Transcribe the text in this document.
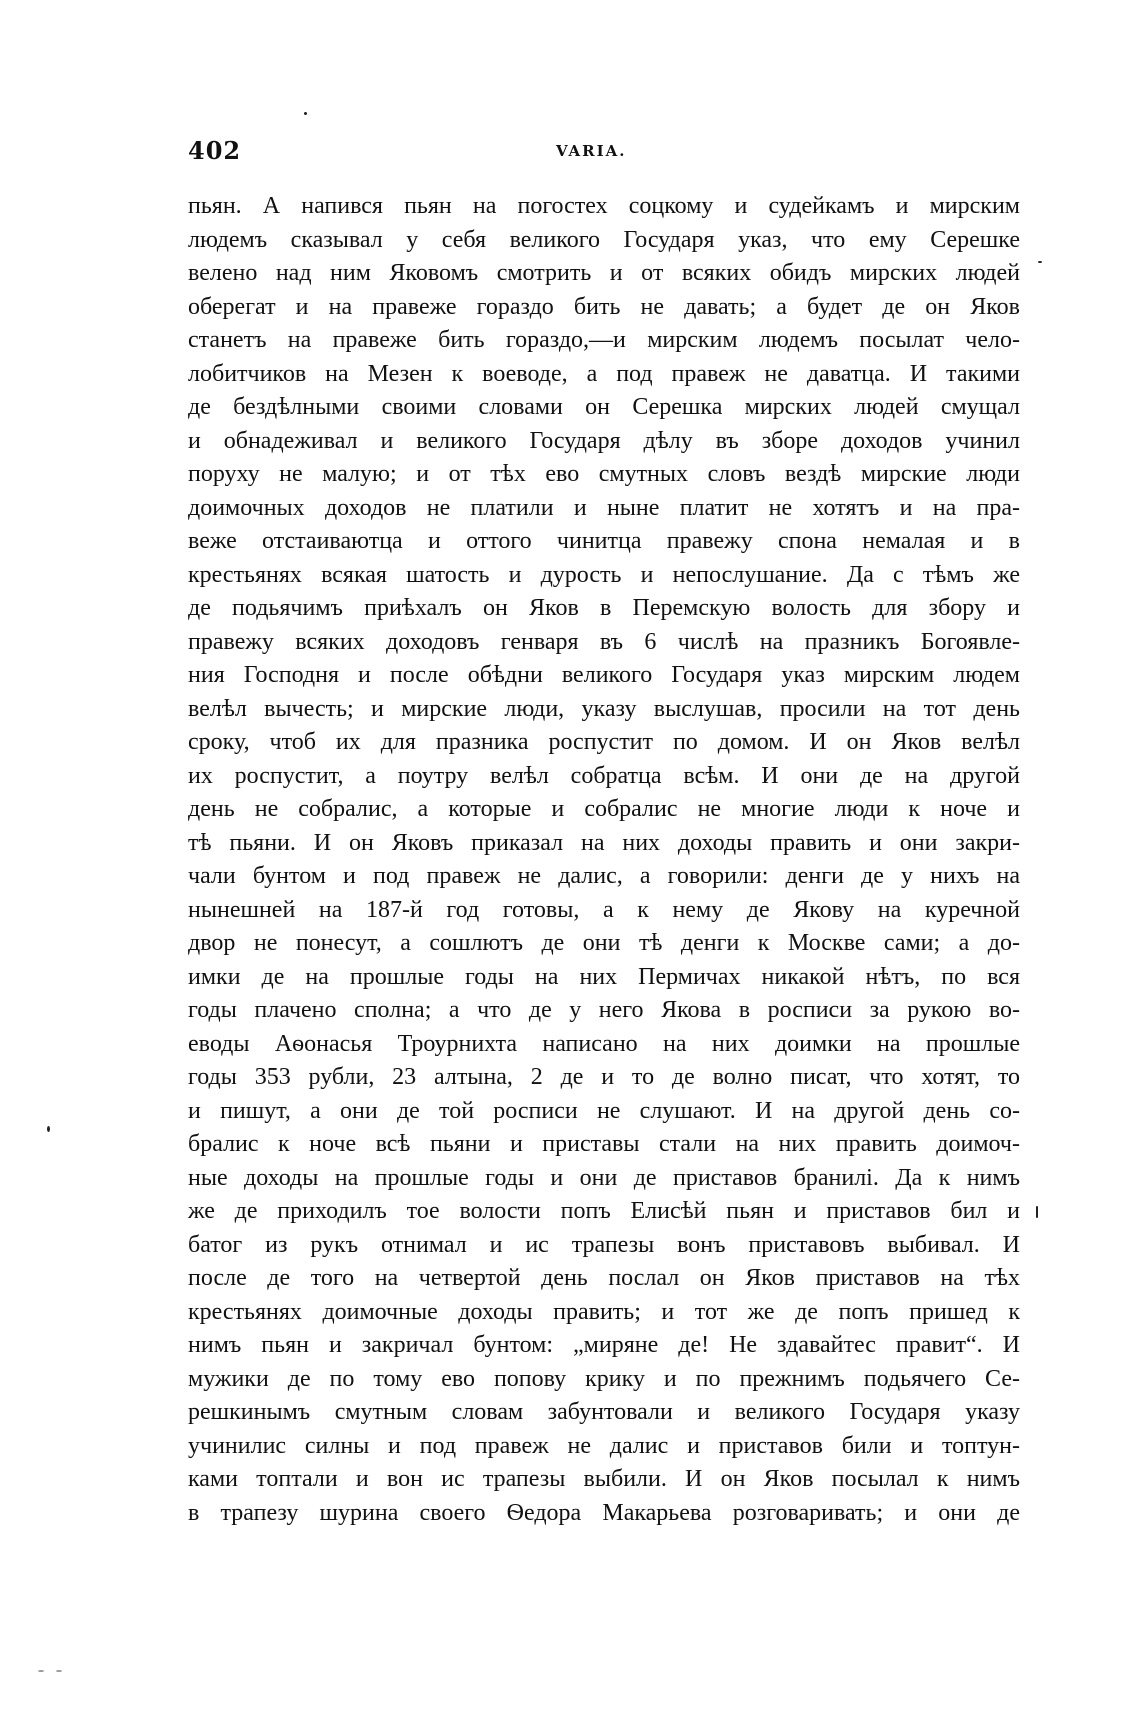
402	VARIA.
пьян. А напився пьян на погостех соцкому и судейкамъ и мирским
людемъ сказывал у себя великого Государя указ, что ему Серешке
велено над ним Яковомъ смотрить и от всяких обидъ мирских людей
оберегат и на правеже гораздо бить не давать; а будет де он Яков
станетъ на правеже бить гораздо,—и мирским людемъ посылат чело-
лобитчиков на Мезен к воеводе, а под правеж не даватца. И такими
де бездѣлными своими словами он Серешка мирских людей смущал
и обнадеживал и великого Государя дѣлу въ зборе доходов учинил
поруху не малую; и от тѣх ево смутных словъ вездѣ мирские люди
доимочных доходов не платили и ныне платит не хотятъ и на пра-
веже отстаиваютца и оттого чинитца правежу спона немалая и в
крестьянях всякая шатость и дурость и непослушание. Да с тѣмъ же
де подьячимъ приѣхалъ он Яков в Перемскую волость для збору и
правежу всяких доходовъ генваря въ 6 числѣ на празникъ Богоявле-
ния Господня и после обѣдни великого Государя указ мирским людем
велѣл вычесть; и мирские люди, указу выслушав, просили на тот день
сроку, чтоб их для празника роспустит по домом. И он Яков велѣл
их роспустит, а поутру велѣл собратца всѣм. И они де на другой
день не собралис, а которые и собралис не многие люди к ноче и
тѣ пьяни. И он Яковъ приказал на них доходы править и они закри-
чали бунтом и под правеж не далис, а говорили: денги де у нихъ на
нынешней на 187-й год готовы, а к нему де Якову на куречной
двор не понесут, а сошлютъ де они тѣ денги к Москве сами; а до-
имки де на прошлые годы на них Пермичах никакой нѣтъ, по вся
годы плачено сполна; а что де у него Якова в росписи за рукою во-
еводы Аѳонасья Троурнихта написано на них доимки на прошлые
годы 353 рубли, 23 алтына, 2 де и то де волно писат, что хотят, то
и пишут, а они де той росписи не слушают. И на другой день со-
бралис к ноче всѣ пьяни и приставы стали на них править доимоч-
ные доходы на прошлые годы и они де приставов бранилі. Да к нимъ
же де приходилъ тое волости попъ Елисѣй пьян и приставов бил и
батог из рукъ отнимал и ис трапезы вонъ приставовъ выбивал. И
после де того на четвертой день послал он Яков приставов на тѣх
крестьянях доимочные доходы править; и тот же де попъ пришед к
нимъ пьян и закричал бунтом: „миряне де! Не здавайтес правит“. И
мужики де по тому ево попову крику и по прежнимъ подьячего Се-
решкинымъ смутным словам забунтовали и великого Государя указу
учинилис силны и под правеж не далис и приставов били и топтун-
ками топтали и вон ис трапезы выбили. И он Яков посылал к нимъ
в трапезу шурина своего Ѳедора Макарьева розговаривать; и они де
